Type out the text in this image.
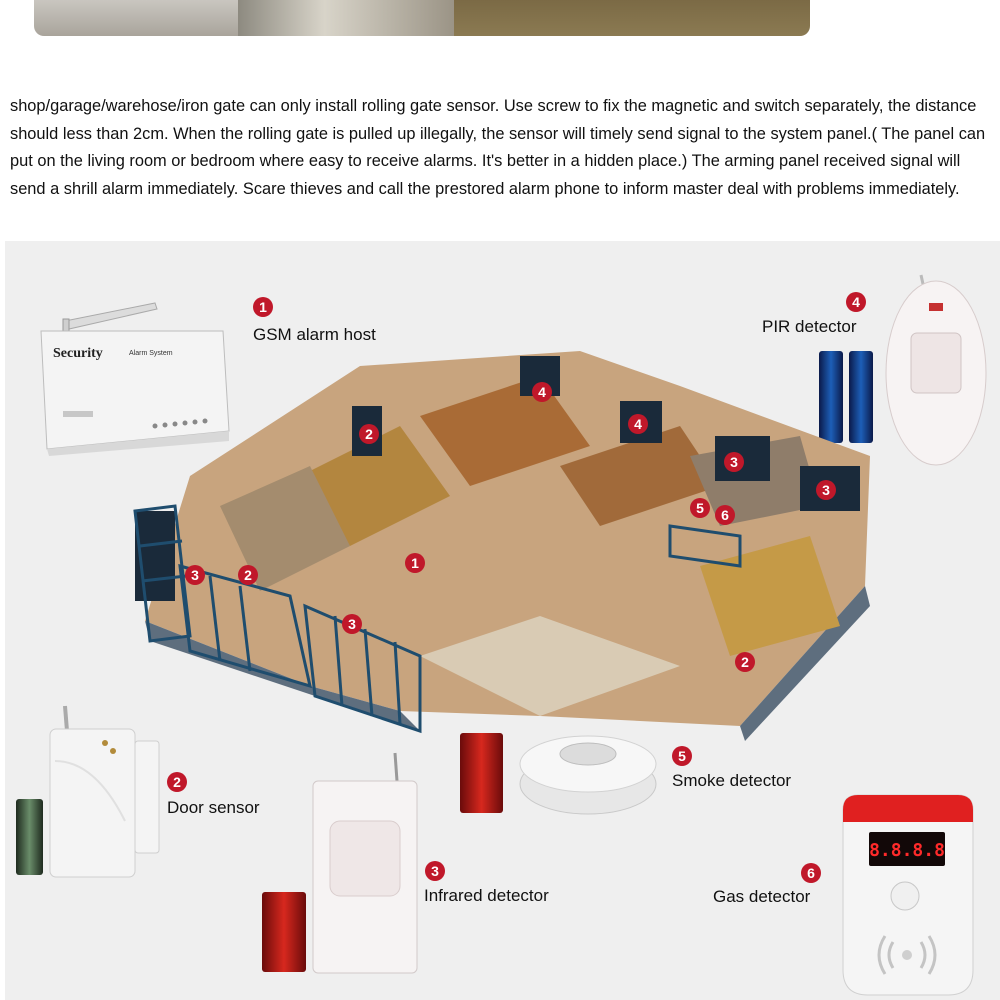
shop/garage/warehose/iron gate can only install rolling gate sensor. Use screw to fix the magnetic and switch separately, the distance should less than 2cm. When the rolling gate is pulled up illegally, the sensor will timely send signal to the system panel.( The panel can put on the living room or bedroom where easy to receive alarms. It's better in a hidden place.) The arming panel received signal will send a shrill alarm immediately. Scare thieves and call the prestored alarm phone to inform master deal with problems immediately.
Security	Alarm System
1
GSM alarm host
4
PIR detector
2
4
4
3
3
5	6
1
3	2
3
2
2
Door sensor
3
Infrared detector
5
Smoke detector
6
Gas detector
8.8.8.8
